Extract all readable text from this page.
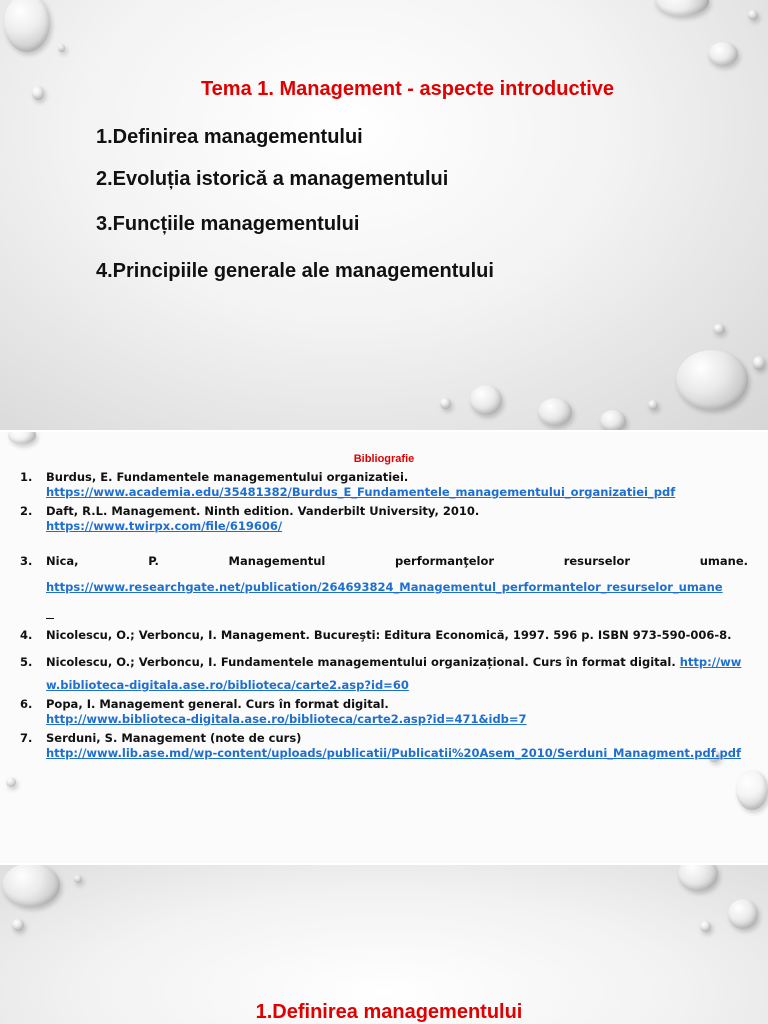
Tema 1. Management - aspecte introductive
1.Definirea managementului
2.Evoluția istorică a managementului
3.Funcțiile managementului
4.Principiile generale ale managementului
Bibliografie
1. Burdus, E. Fundamentele managementului organizatiei.
https://www.academia.edu/35481382/Burdus_E_Fundamentele_managementului_organizatiei_pdf
2. Daft, R.L. Management. Ninth edition. Vanderbilt University, 2010.
https://www.twirpx.com/file/619606/
3. Nica, P. Managementul performanţelor resurselor umane.
https://www.researchgate.net/publication/264693824_Managementul_performantelor_resurselor_umane
4. Nicolescu, O.; Verboncu, I. Management. Bucureşti: Editura Economică, 1997. 596 p. ISBN 973-590-006-8.
5. Nicolescu, O.; Verboncu, I. Fundamentele managementului organizațional. Curs în format digital. http://www.biblioteca-digitala.ase.ro/biblioteca/carte2.asp?id=60
6. Popa, I. Management general. Curs în format digital.
http://www.biblioteca-digitala.ase.ro/biblioteca/carte2.asp?id=471&idb=7
7. Serduni, S. Management (note de curs)
http://www.lib.ase.md/wp-content/uploads/publicatii/Publicatii%20Asem_2010/Serduni_Managment.pdf.pdf
1.Definirea managementului
